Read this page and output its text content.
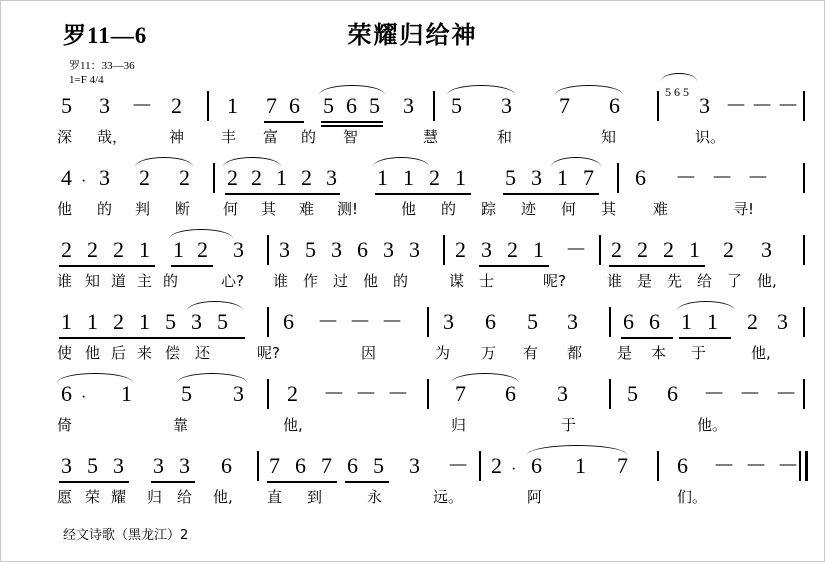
罗11—6	荣耀归给神
罗11：33—36
1=F 4/4
5 3 － 2 1 7 6 5 6 5 3 5 3 7 6
5 6 5
3 － － －
深 哉，	神 丰 富 的 智	慧	和	知	识。
4 · 3 2 2 2 2 1 2 3 1 1 2 1 5 3 1 7 6 － － －
他 的 判 断 何 其 难 测!	他 的 踪 迹 何 其 难	寻!
2 2 2 1 1 2 3 3 5 3 6 3 3 2 3 2 1 － 2 2 2 1 2 3
谁 知 道 主 的	心? 谁 作 过 他 的	谋 士	呢?	谁 是 先 给 了 他,
1 1 2 1 5 3 5	6 － － － 3 6 5 3 6 6 1 1 2 3
使 他 后 来 偿 还	呢?	因	为 万 有 都 是 本 于	他,
6 · 1 5 3 2 － － － 7 6 3	5 6 － － －
倚	靠	他,	归	于	他。
3 5 3 3 3 6 7 6 7 6 5 3 － 2 · 6 1 7 6 － － －
愿 荣 耀 归 给 他, 直 到	永	远。	阿	们。
经文诗歌（黑龙江）2
